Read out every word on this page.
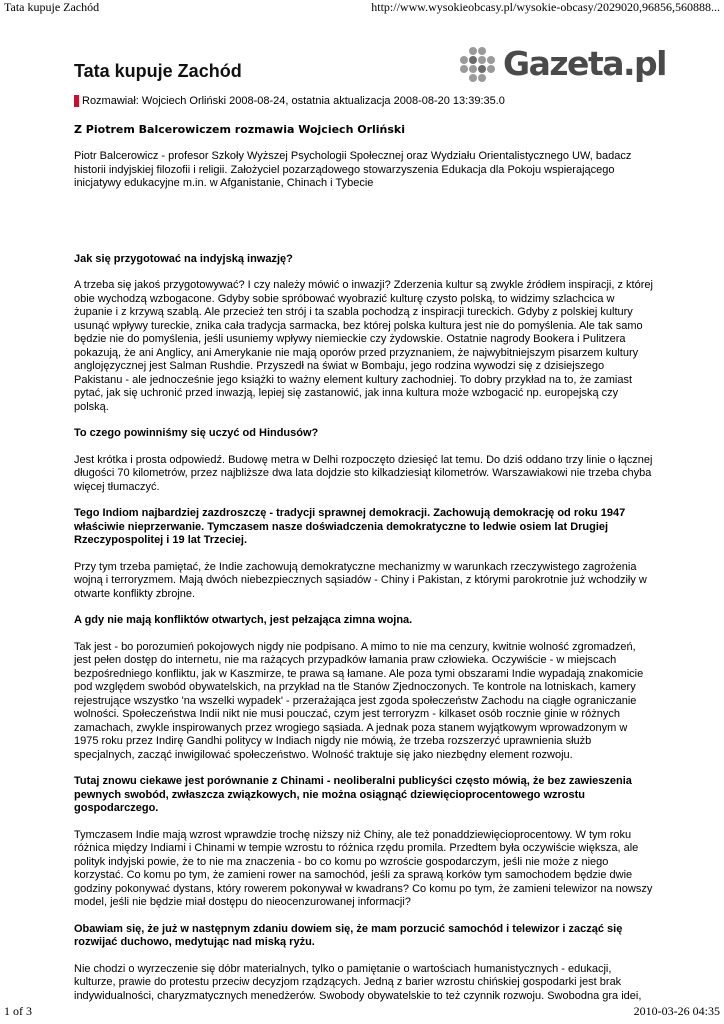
Tata kupuje Zachód	http://www.wysokieobcasy.pl/wysokie-obcasy/2029020,96856,560888...
Gazeta.pl
Tata kupuje Zachód
Rozmawiał: Wojciech Orliński 2008-08-24, ostatnia aktualizacja 2008-08-20 13:39:35.0

Z Piotrem Balcerowiczem rozmawia Wojciech Orliński

Piotr Balcerowicz - profesor Szkoły Wyższej Psychologii Społecznej oraz Wydziału Orientalistycznego UW, badacz historii indyjskiej filozofii i religii. Założyciel pozarządowego stowarzyszenia Edukacja dla Pokoju wspierającego inicjatywy edukacyjne m.in. w Afganistanie, Chinach i Tybecie

Jak się przygotować na indyjską inwazję?

A trzeba się jakoś przygotowywać? I czy należy mówić o inwazji? Zderzenia kultur są zwykle źródłem inspiracji, z której obie wychodzą wzbogacone. Gdyby sobie spróbować wyobrazić kulturę czysto polską, to widzimy szlachcica w żupanie i z krzywą szablą. Ale przecież ten strój i ta szabla pochodzą z inspiracji tureckich. Gdyby z polskiej kultury usunąć wpływy tureckie, znika cała tradycja sarmacka, bez której polska kultura jest nie do pomyślenia. Ale tak samo będzie nie do pomyślenia, jeśli usuniemy wpływy niemieckie czy żydowskie. Ostatnie nagrody Bookera i Pulitzera pokazują, że ani Anglicy, ani Amerykanie nie mają oporów przed przyznaniem, że najwybitniejszym pisarzem kultury anglojęzycznej jest Salman Rushdie. Przyszedł na świat w Bombaju, jego rodzina wywodzi się z dzisiejszego Pakistanu - ale jednocześnie jego książki to ważny element kultury zachodniej. To dobry przykład na to, że zamiast pytać, jak się uchronić przed inwazją, lepiej się zastanowić, jak inna kultura może wzbogacić np. europejską czy polską.

To czego powinniśmy się uczyć od Hindusów?

Jest krótka i prosta odpowiedź. Budowę metra w Delhi rozpoczęto dziesięć lat temu. Do dziś oddano trzy linie o łącznej długości 70 kilometrów, przez najbliższe dwa lata dojdzie sto kilkadziesiąt kilometrów. Warszawiakowi nie trzeba chyba więcej tłumaczyć.

Tego Indiom najbardziej zazdroszczę - tradycji sprawnej demokracji. Zachowują demokrację od roku 1947 właściwie nieprzerwanie. Tymczasem nasze doświadczenia demokratyczne to ledwie osiem lat Drugiej Rzeczypospolitej i 19 lat Trzeciej.

Przy tym trzeba pamiętać, że Indie zachowują demokratyczne mechanizmy w warunkach rzeczywistego zagrożenia wojną i terroryzmem. Mają dwóch niebezpiecznych sąsiadów - Chiny i Pakistan, z którymi parokrotnie już wchodziły w otwarte konflikty zbrojne.

A gdy nie mają konfliktów otwartych, jest pełzająca zimna wojna.

Tak jest - bo porozumień pokojowych nigdy nie podpisano. A mimo to nie ma cenzury, kwitnie wolność zgromadzeń, jest pełen dostęp do internetu, nie ma rażących przypadków łamania praw człowieka. Oczywiście - w miejscach bezpośredniego konfliktu, jak w Kaszmirze, te prawa są łamane. Ale poza tymi obszarami Indie wypadają znakomicie pod względem swobód obywatelskich, na przykład na tle Stanów Zjednoczonych. Te kontrole na lotniskach, kamery rejestrujące wszystko 'na wszelki wypadek' - przerażająca jest zgoda społeczeństw Zachodu na ciągłe ograniczanie wolności. Społeczeństwa Indii nikt nie musi pouczać, czym jest terroryzm - kilkaset osób rocznie ginie w różnych zamachach, zwykle inspirowanych przez wrogiego sąsiada. A jednak poza stanem wyjątkowym wprowadzonym w 1975 roku przez Indirę Gandhi politycy w Indiach nigdy nie mówią, że trzeba rozszerzyć uprawnienia służb specjalnych, zacząć inwigilować społeczeństwo. Wolność traktuje się jako niezbędny element rozwoju.

Tutaj znowu ciekawe jest porównanie z Chinami - neoliberalni publicyści często mówią, że bez zawieszenia pewnych swobód, zwłaszcza związkowych, nie można osiągnąć dziewięcioprocentowego wzrostu gospodarczego.

Tymczasem Indie mają wzrost wprawdzie trochę niższy niż Chiny, ale też ponaddziewięcioprocentowy. W tym roku różnica między Indiami i Chinami w tempie wzrostu to różnica rzędu promila. Przedtem była oczywiście większa, ale polityk indyjski powie, że to nie ma znaczenia - bo co komu po wzroście gospodarczym, jeśli nie może z niego korzystać. Co komu po tym, że zamieni rower na samochód, jeśli za sprawą korków tym samochodem będzie dwie godziny pokonywać dystans, który rowerem pokonywał w kwadrans? Co komu po tym, że zamieni telewizor na nowszy model, jeśli nie będzie miał dostępu do nieocenzurowanej informacji?

Obawiam się, że już w następnym zdaniu dowiem się, że mam porzucić samochód i telewizor i zacząć się rozwijać duchowo, medytując nad miską ryżu.

Nie chodzi o wyrzeczenie się dóbr materialnych, tylko o pamiętanie o wartościach humanistycznych - edukacji, kulturze, prawie do protestu przeciw decyzjom rządzących. Jedną z barier wzrostu chińskiej gospodarki jest brak indywidualności, charyzmatycznych menedżerów. Swobody obywatelskie to też czynnik rozwoju. Swobodna gra idei,

1 of 3	2010-03-26 04:35
